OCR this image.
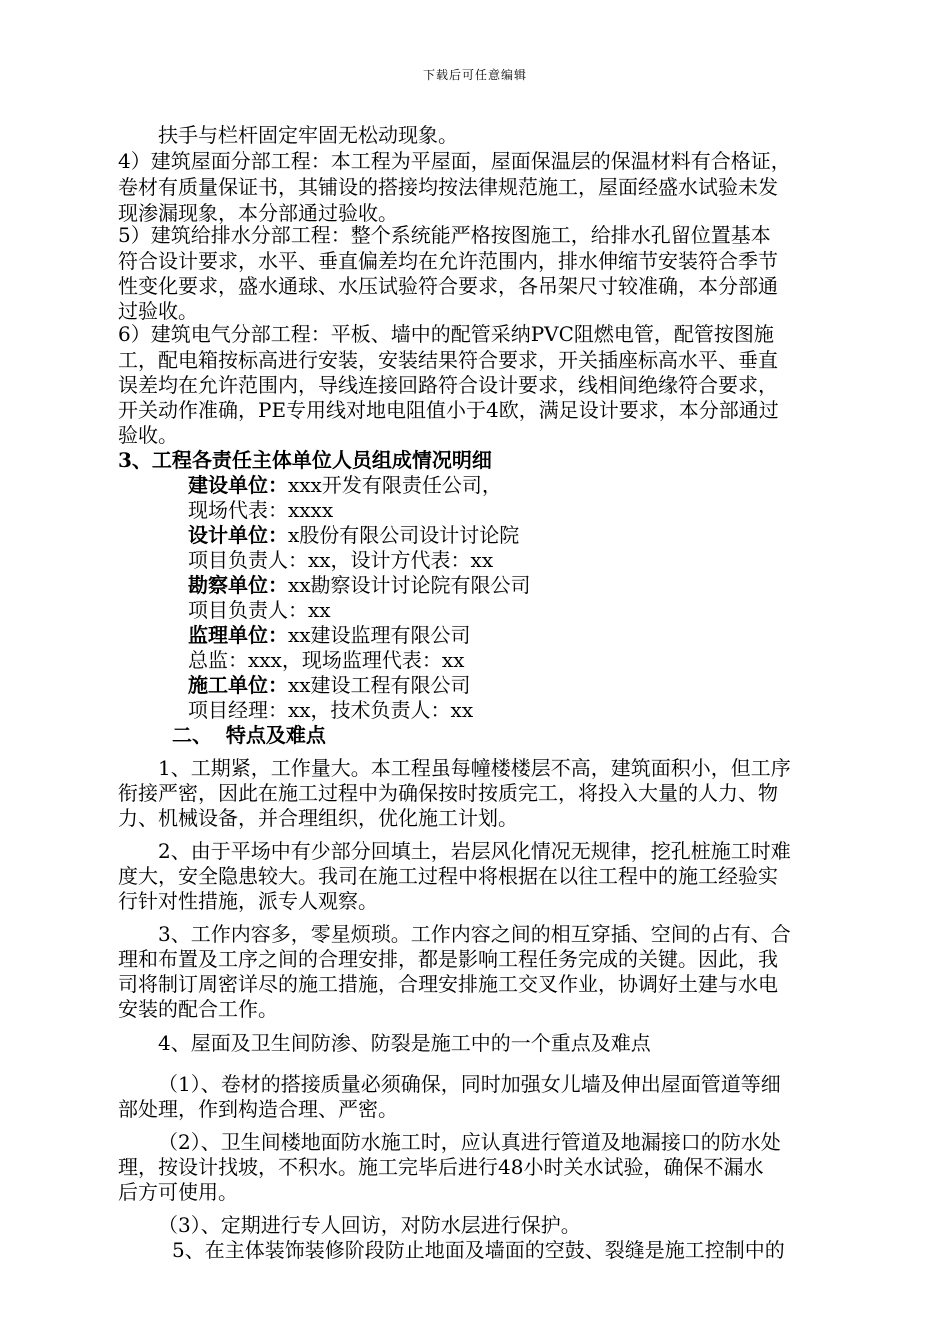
下载后可任意编辑
扶手与栏杆固定牢固无松动现象。
4）建筑屋面分部工程：本工程为平屋面，屋面保温层的保温材料有合格证，
卷材有质量保证书，其铺设的搭接均按法律规范施工，屋面经盛水试验未发
现渗漏现象，本分部通过验收。
5）建筑给排水分部工程：整个系统能严格按图施工，给排水孔留位置基本
符合设计要求，水平、垂直偏差均在允许范围内，排水伸缩节安装符合季节
性变化要求，盛水通球、水压试验符合要求，各吊架尺寸较准确，本分部通
过验收。
6）建筑电气分部工程：平板、墙中的配管采纳PVC阻燃电管，配管按图施
工，配电箱按标高进行安装，安装结果符合要求，开关插座标高水平、垂直
误差均在允许范围内，导线连接回路符合设计要求，线相间绝缘符合要求，
开关动作准确，PE专用线对地电阻值小于4欧，满足设计要求，本分部通过
验收。
3、工程各责任主体单位人员组成情况明细
建设单位：xxx开发有限责任公司，
现场代表：xxxx
设计单位：x股份有限公司设计讨论院
项目负责人：xx，设计方代表：xx
勘察单位：xx勘察设计讨论院有限公司
项目负责人：xx
监理单位：xx建设监理有限公司
总监：xxx，现场监理代表：xx
施工单位：xx建设工程有限公司
项目经理：xx，技术负责人：xx
二、  特点及难点
1、工期紧，工作量大。本工程虽每幢楼楼层不高，建筑面积小，但工序
衔接严密，因此在施工过程中为确保按时按质完工，将投入大量的人力、物
力、机械设备，并合理组织，优化施工计划。
2、由于平场中有少部分回填土，岩层风化情况无规律，挖孔桩施工时难
度大，安全隐患较大。我司在施工过程中将根据在以往工程中的施工经验实
行针对性措施，派专人观察。
3、工作内容多，零星烦琐。工作内容之间的相互穿插、空间的占有、合
理和布置及工序之间的合理安排，都是影响工程任务完成的关键。因此，我
司将制订周密详尽的施工措施，合理安排施工交叉作业，协调好土建与水电
安装的配合工作。
4、屋面及卫生间防渗、防裂是施工中的一个重点及难点
（1）、卷材的搭接质量必须确保，同时加强女儿墙及伸出屋面管道等细
部处理，作到构造合理、严密。
（2）、卫生间楼地面防水施工时，应认真进行管道及地漏接口的防水处
理，按设计找坡，不积水。施工完毕后进行48小时关水试验，确保不漏水
后方可使用。
（3）、定期进行专人回访，对防水层进行保护。
5、在主体装饰装修阶段防止地面及墙面的空鼓、裂缝是施工控制中的
